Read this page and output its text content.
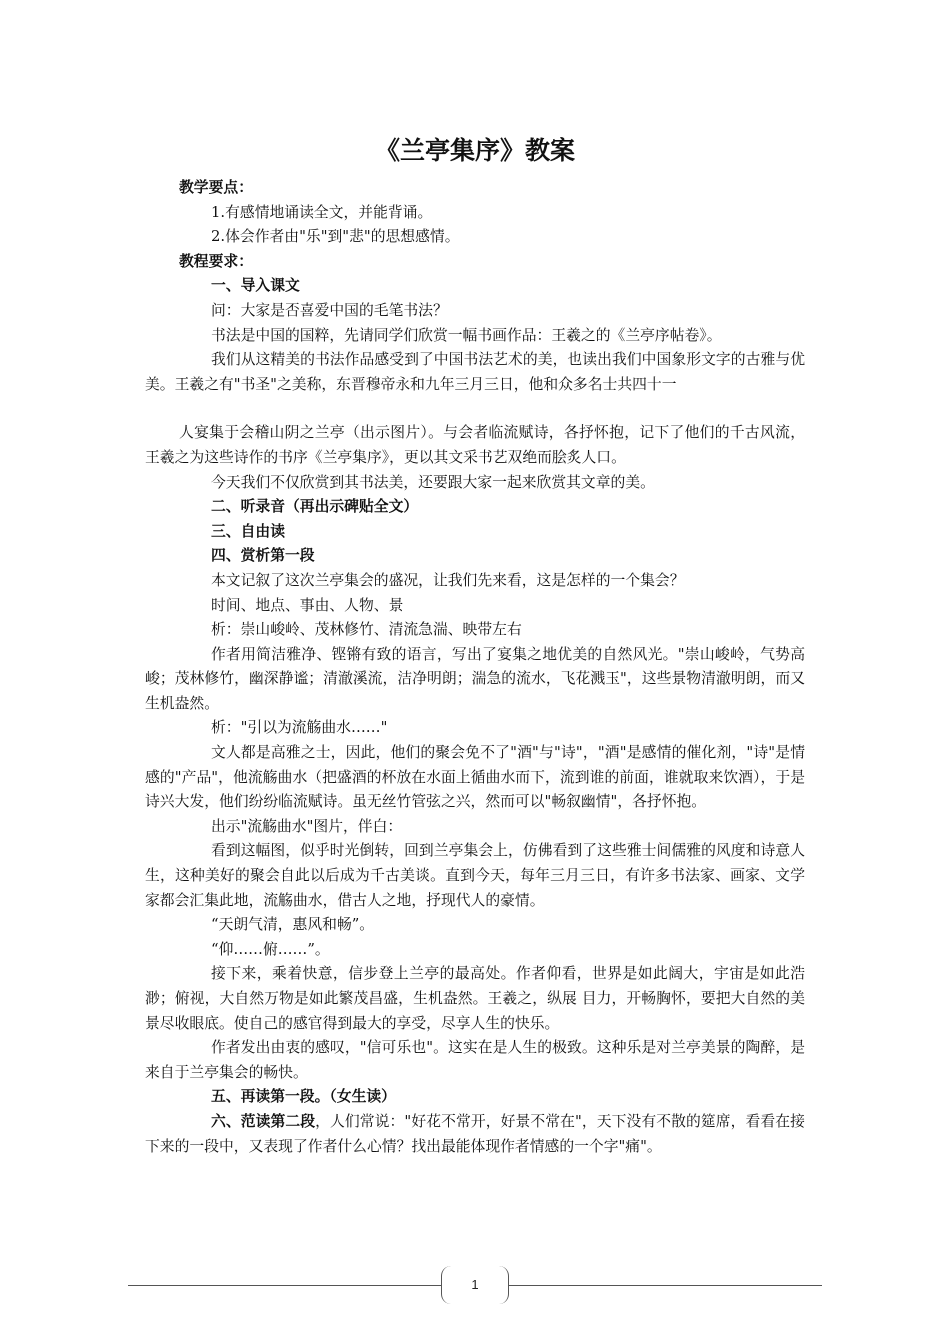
《兰亭集序》教案

教学要点：

1.有感情地诵读全文，并能背诵。

2.体会作者由"乐"到"悲"的思想感情。

教程要求：

一、导入课文

问：大家是否喜爱中国的毛笔书法？

书法是中国的国粹，先请同学们欣赏一幅书画作品：王羲之的《兰亭序帖卷》。

我们从这精美的书法作品感受到了中国书法艺术的美，也读出我们中国象形文字的古雅与优美。王羲之有"书圣"之美称，东晋穆帝永和九年三月三日，他和众多名士共四十一

人宴集于会稽山阴之兰亭（出示图片）。与会者临流赋诗，各抒怀抱，记下了他们的千古风流，王羲之为这些诗作的书序《兰亭集序》，更以其文采书艺双绝而脍炙人口。

今天我们不仅欣赏到其书法美，还要跟大家一起来欣赏其文章的美。

二、听录音（再出示碑贴全文）

三、自由读

四、赏析第一段

本文记叙了这次兰亭集会的盛况，让我们先来看，这是怎样的一个集会？

时间、地点、事由、人物、景

析：崇山峻岭、茂林修竹、清流急湍、映带左右

作者用简洁雅净、铿锵有致的语言，写出了宴集之地优美的自然风光。"崇山峻岭，气势高峻；茂林修竹，幽深静谧；清澈溪流，洁净明朗；湍急的流水，飞花溅玉"，这些景物清澈明朗，而又生机盎然。

析："引以为流觞曲水……"

文人都是高雅之士，因此，他们的聚会免不了"酒"与"诗"，"酒"是感情的催化剂，"诗"是情感的"产品"，他流觞曲水（把盛酒的杯放在水面上循曲水而下，流到谁的前面，谁就取来饮酒），于是诗兴大发，他们纷纷临流赋诗。虽无丝竹管弦之兴，然而可以"畅叙幽情"，各抒怀抱。

出示"流觞曲水"图片，伴白：

看到这幅图，似乎时光倒转，回到兰亭集会上，仿佛看到了这些雅士间儒雅的风度和诗意人生，这种美好的聚会自此以后成为千古美谈。直到今天，每年三月三日，有许多书法家、画家、文学家都会汇集此地，流觞曲水，借古人之地，抒现代人的豪情。

“天朗气清，惠风和畅”。

“仰……俯……”。

接下来，乘着快意，信步登上兰亭的最高处。作者仰看，世界是如此阔大，宇宙是如此浩渺；俯视，大自然万物是如此繁茂昌盛，生机盎然。王羲之，纵展 目力，开畅胸怀，要把大自然的美景尽收眼底。使自己的感官得到最大的享受，尽享人生的快乐。

作者发出由衷的感叹，"信可乐也"。这实在是人生的极致。这种乐是对兰亭美景的陶醉，是来自于兰亭集会的畅快。

五、再读第一段。（女生读）

六、范读第二段，人们常说："好花不常开，好景不常在"，天下没有不散的筵席，看看在接下来的一段中，又表现了作者什么心情？找出最能体现作者情感的一个字"痛"。

1
